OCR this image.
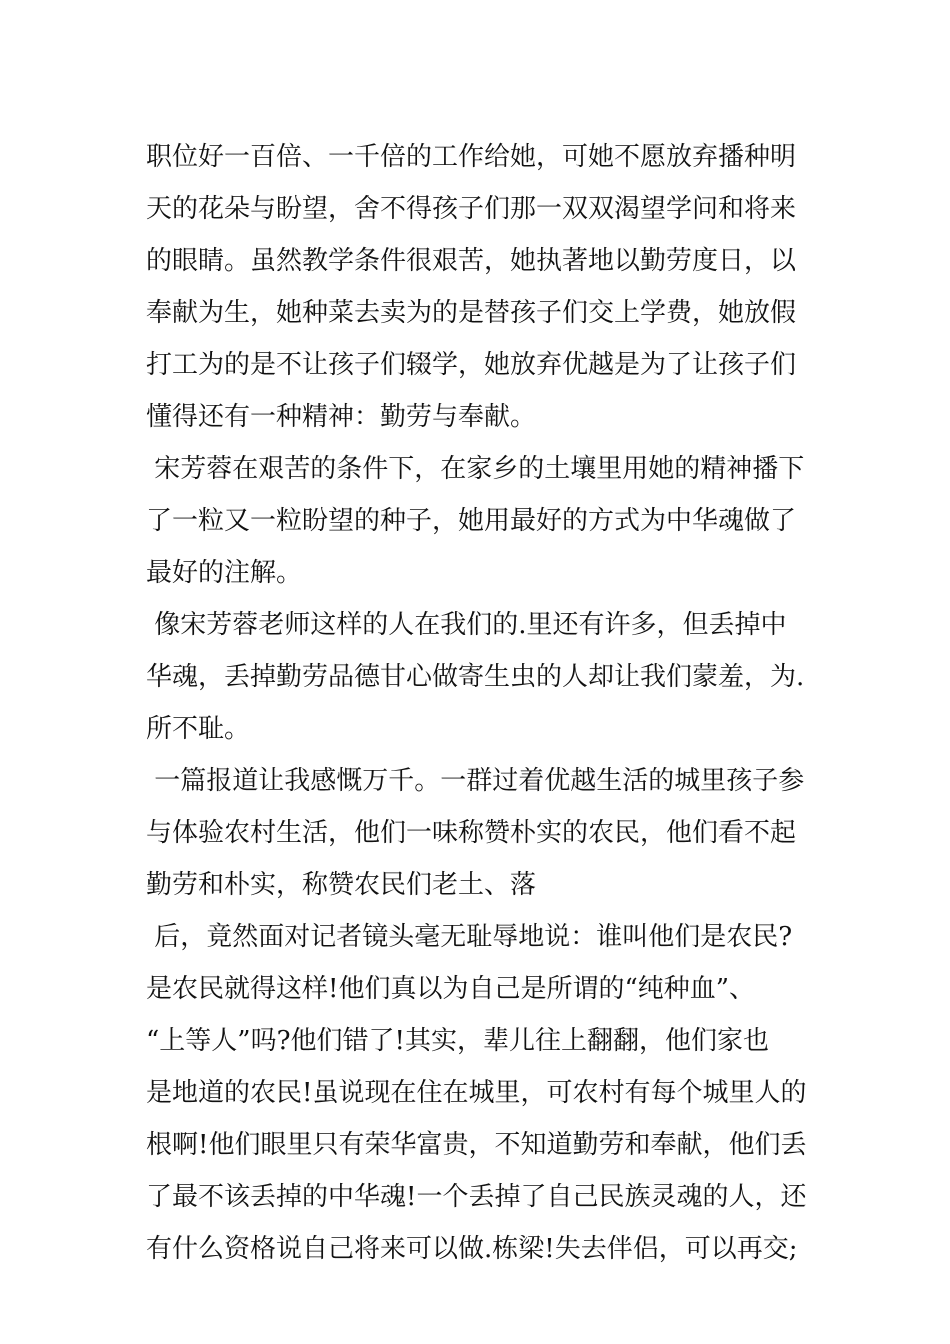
职位好一百倍、一千倍的工作给她，可她不愿放弃播种明
天的花朵与盼望，舍不得孩子们那一双双渴望学问和将来
的眼睛。虽然教学条件很艰苦，她执著地以勤劳度日，以
奉献为生，她种菜去卖为的是替孩子们交上学费，她放假
打工为的是不让孩子们辍学，她放弃优越是为了让孩子们
懂得还有一种精神：勤劳与奉献。
宋芳蓉在艰苦的条件下，在家乡的土壤里用她的精神播下
了一粒又一粒盼望的种子，她用最好的方式为中华魂做了
最好的注解。
像宋芳蓉老师这样的人在我们的.里还有许多，但丢掉中
华魂，丢掉勤劳品德甘心做寄生虫的人却让我们蒙羞，为.
所不耻。
一篇报道让我感慨万千。一群过着优越生活的城里孩子参
与体验农村生活，他们一味称赞朴实的农民，他们看不起
勤劳和朴实，称赞农民们老土、落
后，竟然面对记者镜头毫无耻辱地说：谁叫他们是农民?
是农民就得这样!他们真以为自己是所谓的“纯种血”、
“上等人”吗?他们错了!其实，辈儿往上翻翻，他们家也
是地道的农民!虽说现在住在城里，可农村有每个城里人的
根啊!他们眼里只有荣华富贵，不知道勤劳和奉献，他们丢
了最不该丢掉的中华魂!一个丢掉了自己民族灵魂的人，还
有什么资格说自己将来可以做.栋梁!失去伴侣，可以再交;
